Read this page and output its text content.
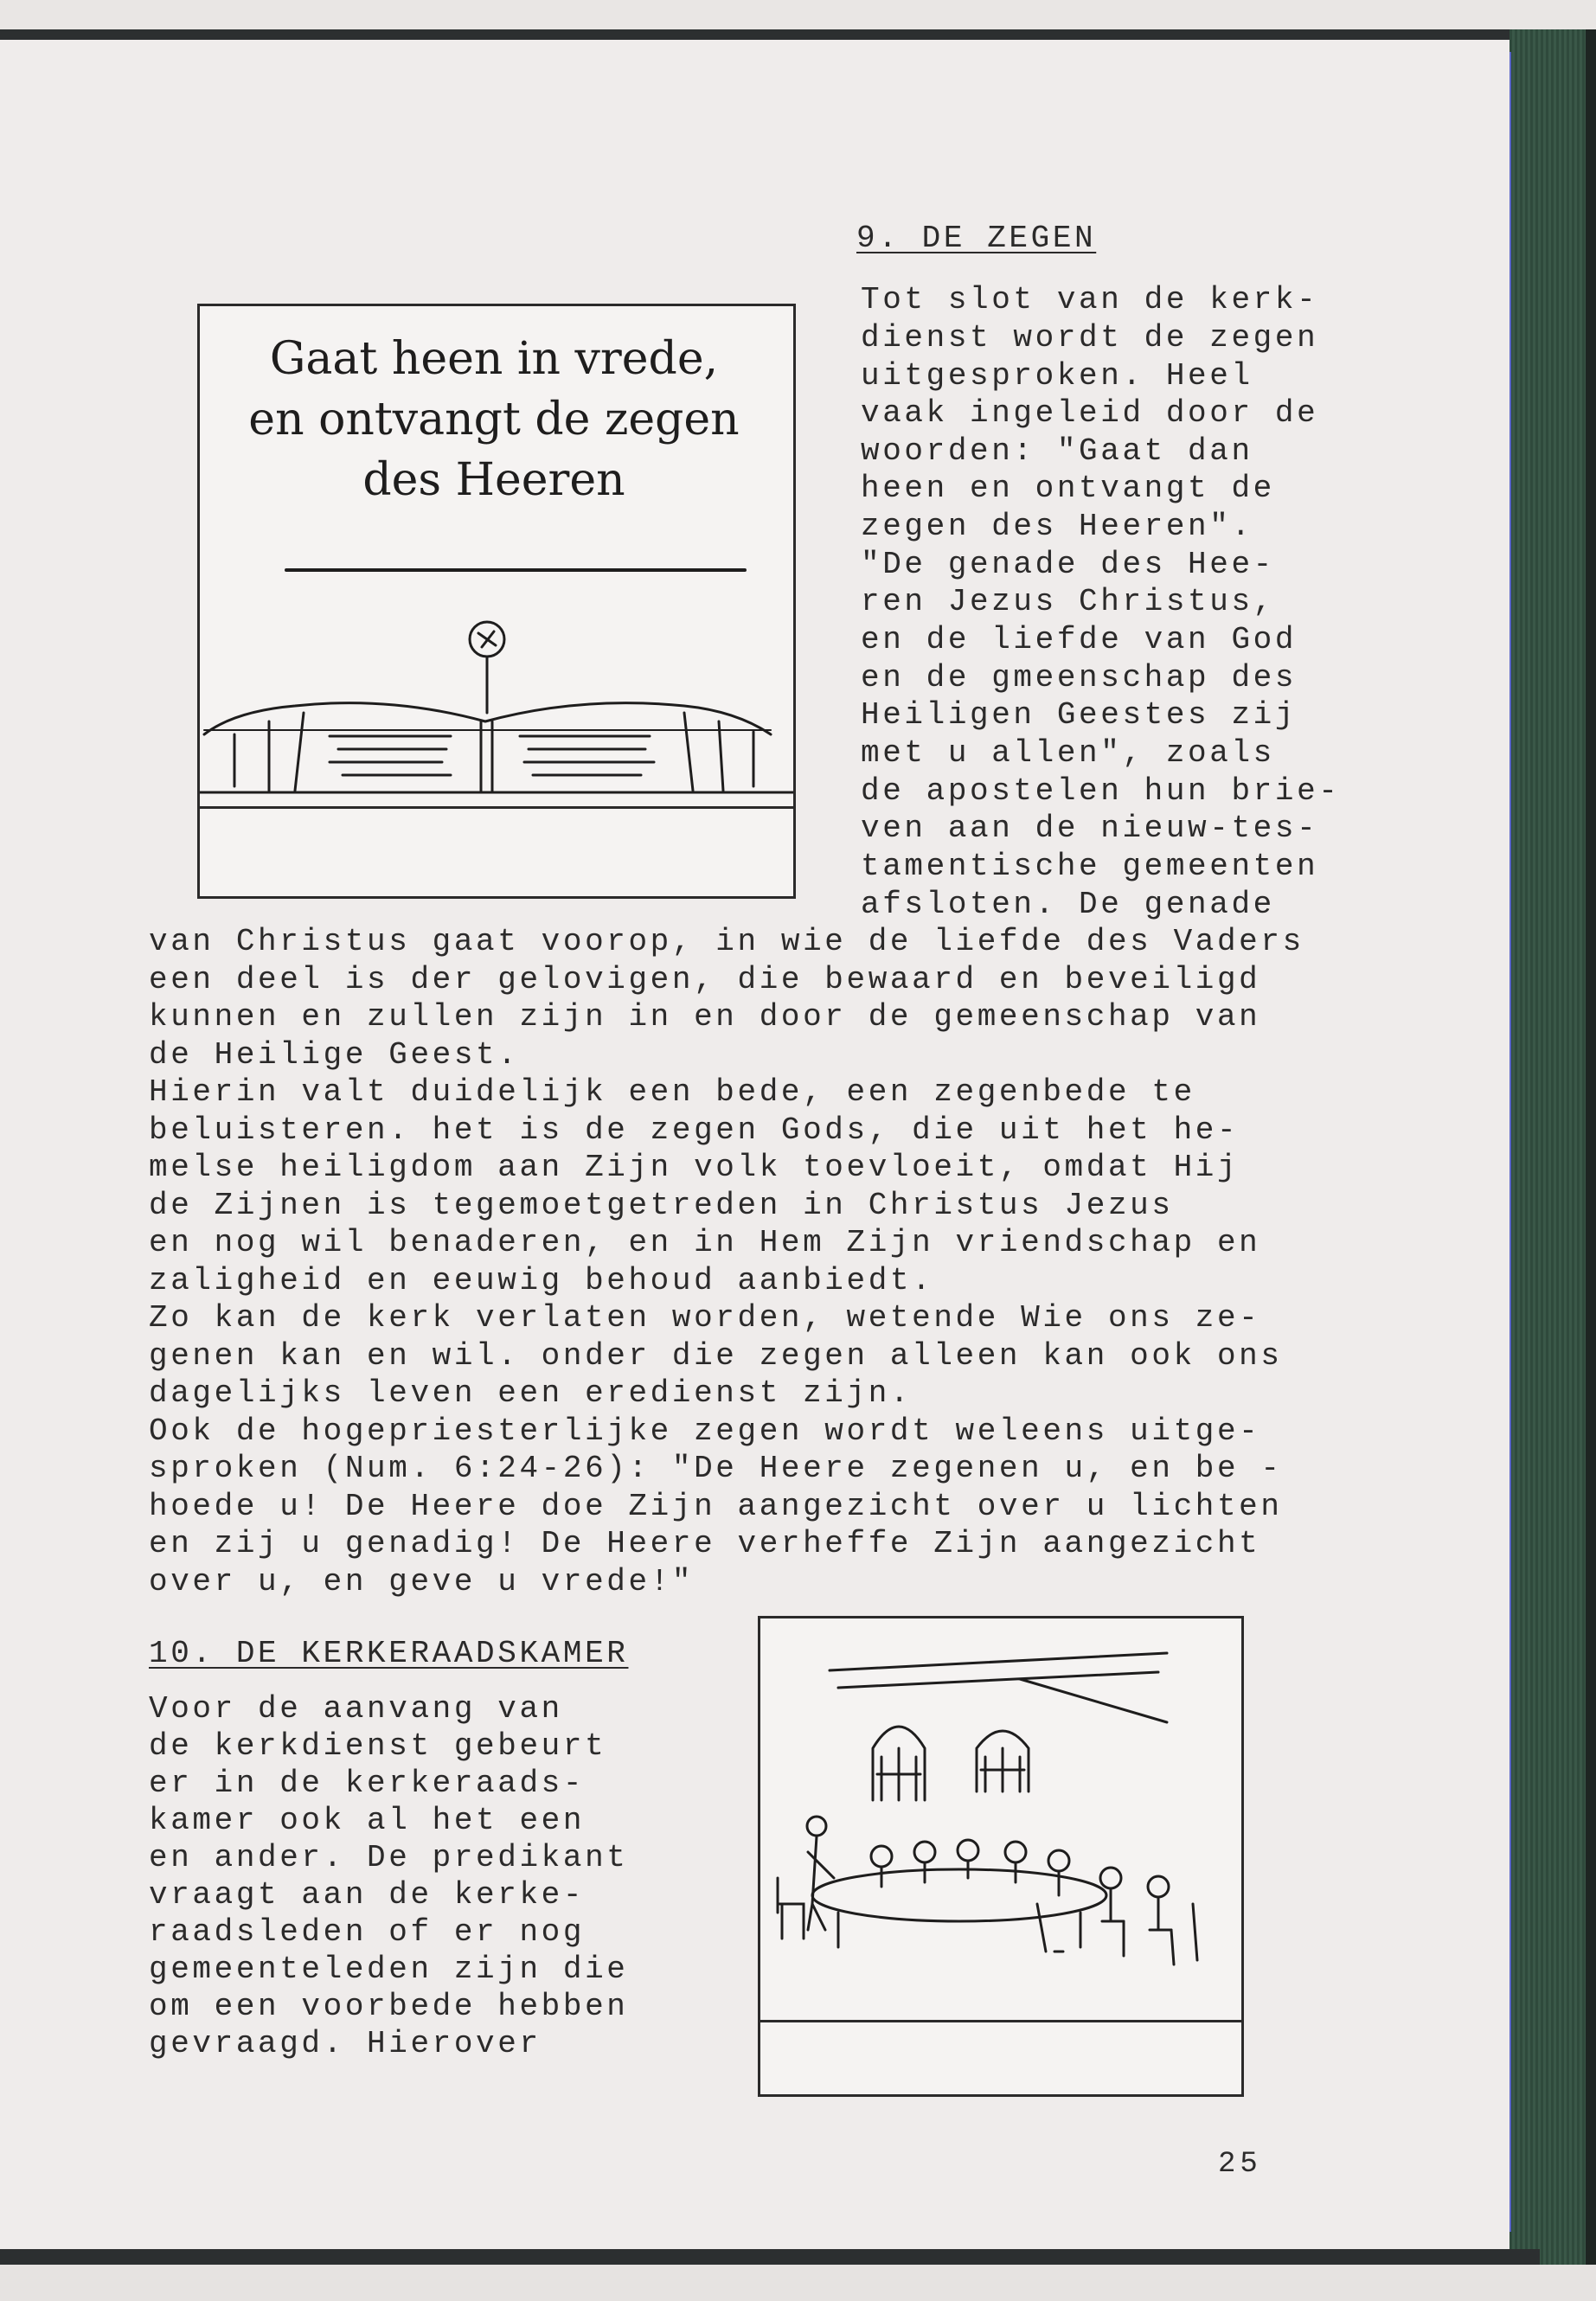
Gaat heen in vrede,
en ontvangt de zegen
des Heeren
9. DE ZEGEN
Tot slot van de kerk-
dienst wordt de zegen
uitgesproken. Heel
vaak ingeleid door de
woorden: "Gaat dan
heen en ontvangt de
zegen des Heeren".
"De genade des Hee-
ren Jezus Christus,
en de liefde van God
en de gmeenschap des
Heiligen Geestes zij
met u allen", zoals
de apostelen hun brie-
ven aan de nieuw-tes-
tamentische gemeenten
afsloten. De genade
van Christus gaat voorop, in wie de liefde des Vaders
een deel is der gelovigen, die bewaard en beveiligd
kunnen en zullen zijn in en door de gemeenschap van
de Heilige Geest.
Hierin valt duidelijk een bede, een zegenbede te
beluisteren. het is de zegen Gods, die uit het he-
melse heiligdom aan Zijn volk toevloeit, omdat Hij
de Zijnen is tegemoetgetreden in Christus Jezus
en nog wil benaderen, en in Hem Zijn vriendschap en
zaligheid en eeuwig behoud aanbiedt.
Zo kan de kerk verlaten worden, wetende Wie ons ze-
genen kan en wil. onder die zegen alleen kan ook ons
dagelijks leven een eredienst zijn.
Ook de hogepriesterlijke zegen wordt weleens uitge-
sproken (Num. 6:24-26): "De Heere zegenen u, en be -
hoede u! De Heere doe Zijn aangezicht over u lichten
en zij u genadig! De Heere verheffe Zijn aangezicht
over u, en geve u vrede!"
10. DE KERKERAADSKAMER
Voor de aanvang van
de kerkdienst gebeurt
er in de kerkeraads-
kamer ook al het een
en ander. De predikant
vraagt aan de kerke-
raadsleden of er nog
gemeenteleden zijn die
om een voorbede hebben
gevraagd. Hierover
25
